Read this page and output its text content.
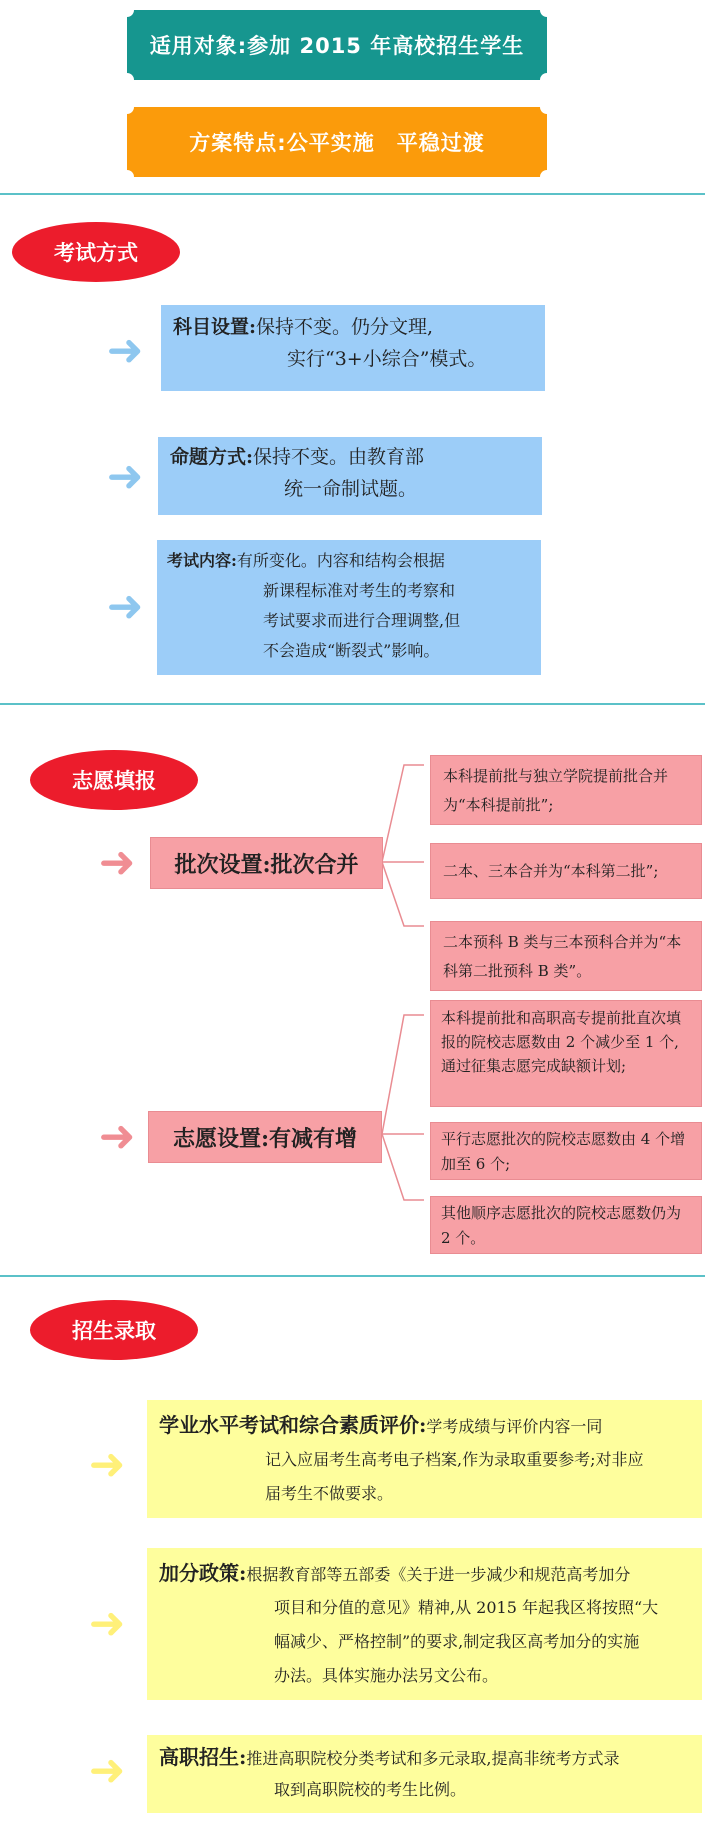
适用对象:参加 2015 年高校招生学生
方案特点:公平实施　平稳过渡
考试方式
➜	科目设置:保持不变。仍分文理,
实行“3+小综合”模式。
➜	命题方式:保持不变。由教育部
统一命制试题。
➜
考试内容:有所变化。内容和结构会根据
新课程标准对考生的考察和
考试要求而进行合理调整,但
不会造成“断裂式”影响。
志愿填报
➜ 批次设置:批次合并
本科提前批与独立学院提前批合并为“本科提前批”;
二本、三本合并为“本科第二批”;
二本预科 B 类与三本预科合并为“本科第二批预科 B 类”。
➜ 志愿设置:有减有增
本科提前批和高职高专提前批直次填报的院校志愿数由 2 个减少至 1 个,通过征集志愿完成缺额计划;
平行志愿批次的院校志愿数由 4 个增加至 6 个;
其他顺序志愿批次的院校志愿数仍为 2 个。
招生录取
➜
学业水平考试和综合素质评价:学考成绩与评价内容一同
记入应届考生高考电子档案,作为录取重要参考;对非应
届考生不做要求。
➜
加分政策:根据教育部等五部委《关于进一步减少和规范高考加分
项目和分值的意见》精神,从 2015 年起我区将按照“大
幅减少、严格控制”的要求,制定我区高考加分的实施
办法。具体实施办法另文公布。
➜	高职招生:推进高职院校分类考试和多元录取,提高非统考方式录
取到高职院校的考生比例。
